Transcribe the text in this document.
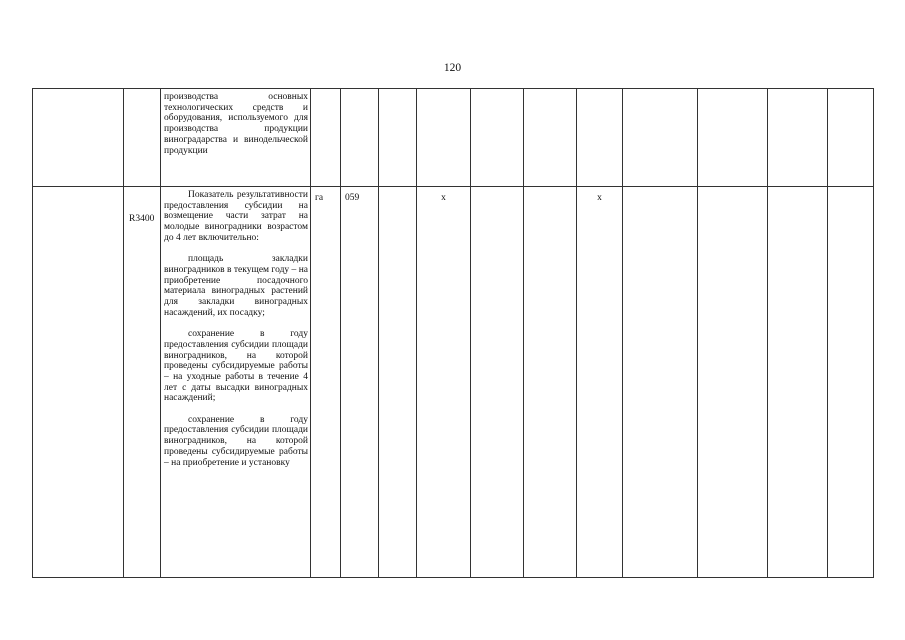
120

		производства основных технологических средств и оборудования, используемого для производства продукции виноградарства и винодельческой продукции											

	R3400	Показатель результативности предоставления субсидии на возмещение части затрат на молодые виноградники возрастом до 4 лет включительно:
площадь закладки виноградников в текущем году – на приобретение посадочного материала виноградных растений для закладки виноградных насаждений, их посадку;
сохранение в году предоставления субсидии площади виноградников, на которой проведены субсидируемые работы – на уходные работы в течение 4 лет с даты высадки виноградных насаждений;
сохранение в году предоставления субсидии площади виноградников, на которой проведены субсидируемые работы – на приобретение и установку	га	059		x			x				
